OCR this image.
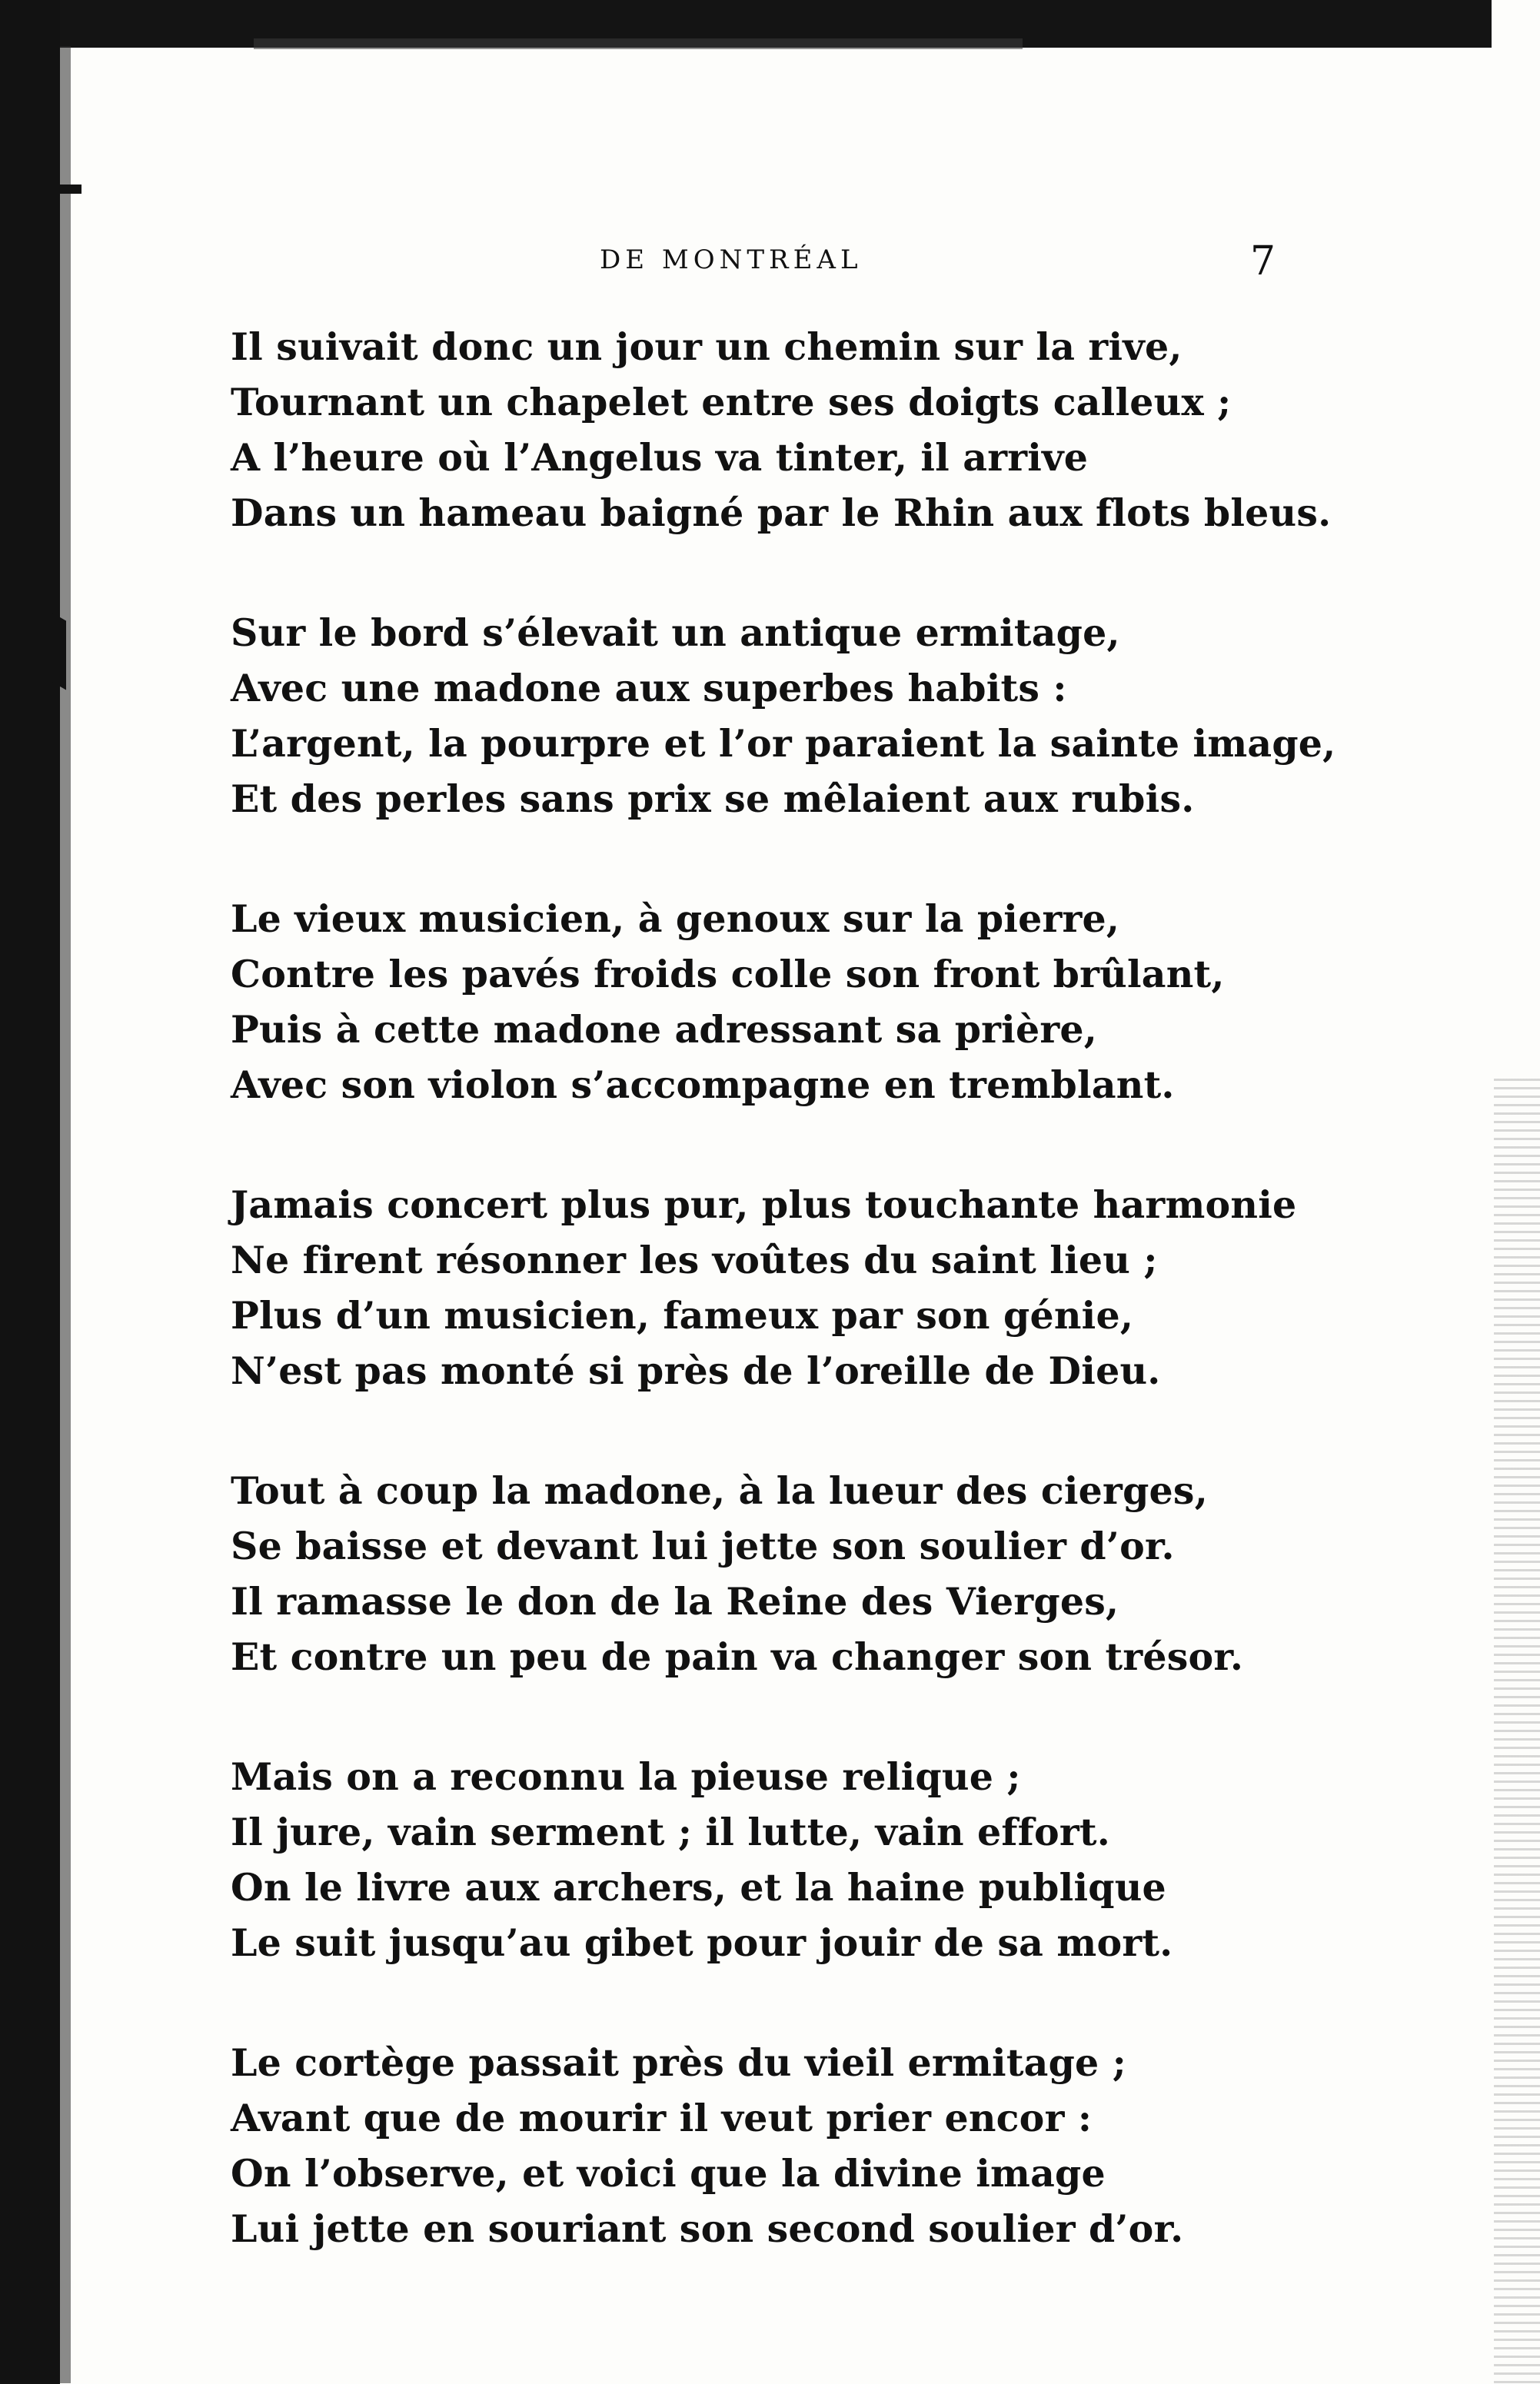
DE MONTRÉAL	7
Il suivait donc un jour un chemin sur la rive,
Tournant un chapelet entre ses doigts calleux ;
A l’heure où l’Angelus va tinter, il arrive
Dans un hameau baigné par le Rhin aux flots bleus.
Sur le bord s’élevait un antique ermitage,
Avec une madone aux superbes habits :
L’argent, la pourpre et l’or paraient la sainte image,
Et des perles sans prix se mêlaient aux rubis.
Le vieux musicien, à genoux sur la pierre,
Contre les pavés froids colle son front brûlant,
Puis à cette madone adressant sa prière,
Avec son violon s’accompagne en tremblant.
Jamais concert plus pur, plus touchante harmonie
Ne firent résonner les voûtes du saint lieu ;
Plus d’un musicien, fameux par son génie,
N’est pas monté si près de l’oreille de Dieu.
Tout à coup la madone, à la lueur des cierges,
Se baisse et devant lui jette son soulier d’or.
Il ramasse le don de la Reine des Vierges,
Et contre un peu de pain va changer son trésor.
Mais on a reconnu la pieuse relique ;
Il jure, vain serment ; il lutte, vain effort.
On le livre aux archers, et la haine publique
Le suit jusqu’au gibet pour jouir de sa mort.
Le cortège passait près du vieil ermitage ;
Avant que de mourir il veut prier encor :
On l’observe, et voici que la divine image
Lui jette en souriant son second soulier d’or.
